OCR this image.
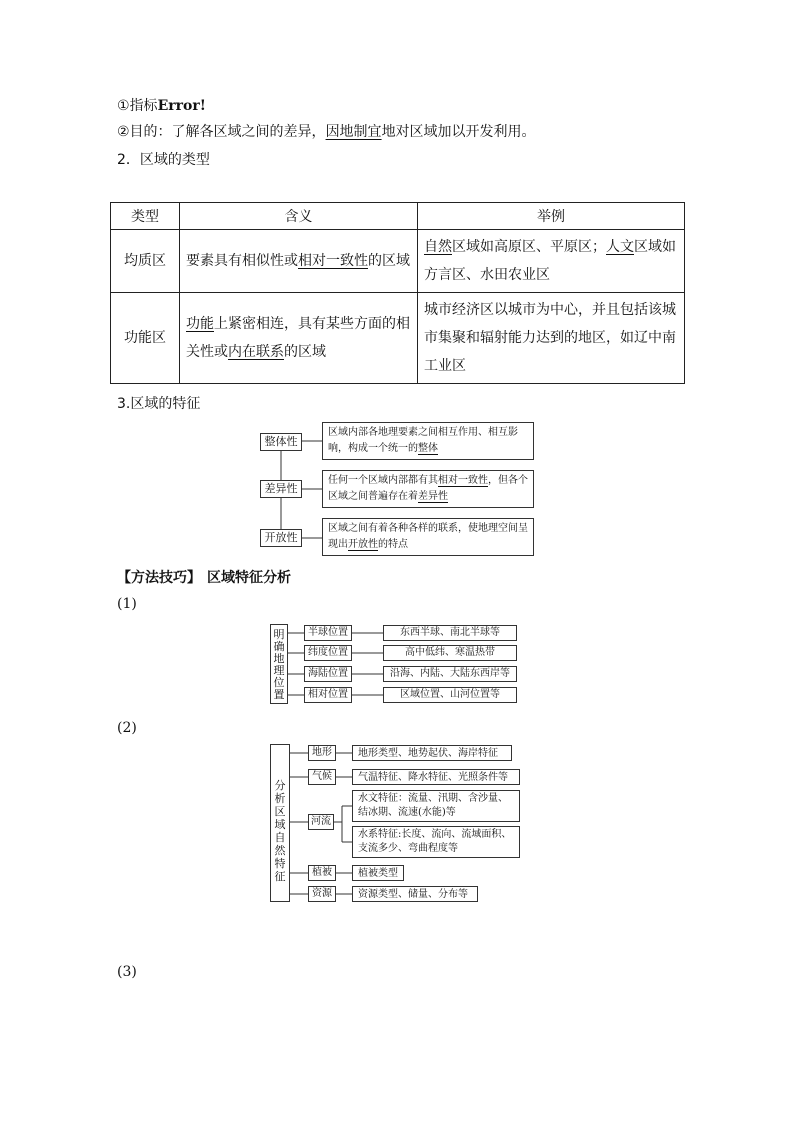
①指标Error!
②目的：了解各区域之间的差异，因地制宜地对区域加以开发利用。
2．区域的类型
类型	含义	举例
均质区	要素具有相似性或相对一致性的区域	自然区域如高原区、平原区；人文区域如方言区、水田农业区
功能区	功能上紧密相连，具有某些方面的相关性或内在联系的区域	城市经济区以城市为中心，并且包括该城市集聚和辐射能力达到的地区，如辽中南工业区
3.区域的特征
整体性
区域内部各地理要素之间相互作用、相互影响，构成一个统一的整体
差异性
任何一个区域内部都有其相对一致性，但各个区域之间普遍存在着差异性
开放性
区域之间有着各种各样的联系，使地理空间呈现出开放性的特点
【方法技巧】 区域特征分析
(1)
明确地理位置
半球位置	东西半球、南北半球等
纬度位置	高中低纬、寒温热带
海陆位置	沿海、内陆、大陆东西岸等
相对位置	区域位置、山河位置等
(2)
分析区域自然特征
地形	地形类型、地势起伏、海岸特征
气候	气温特征、降水特征、光照条件等
河流
水文特征：流量、汛期、含沙量、结冰期、流速(水能)等
水系特征:长度、流向、流域面积、支流多少、弯曲程度等
植被	植被类型
资源	资源类型、储量、分布等
(3)
